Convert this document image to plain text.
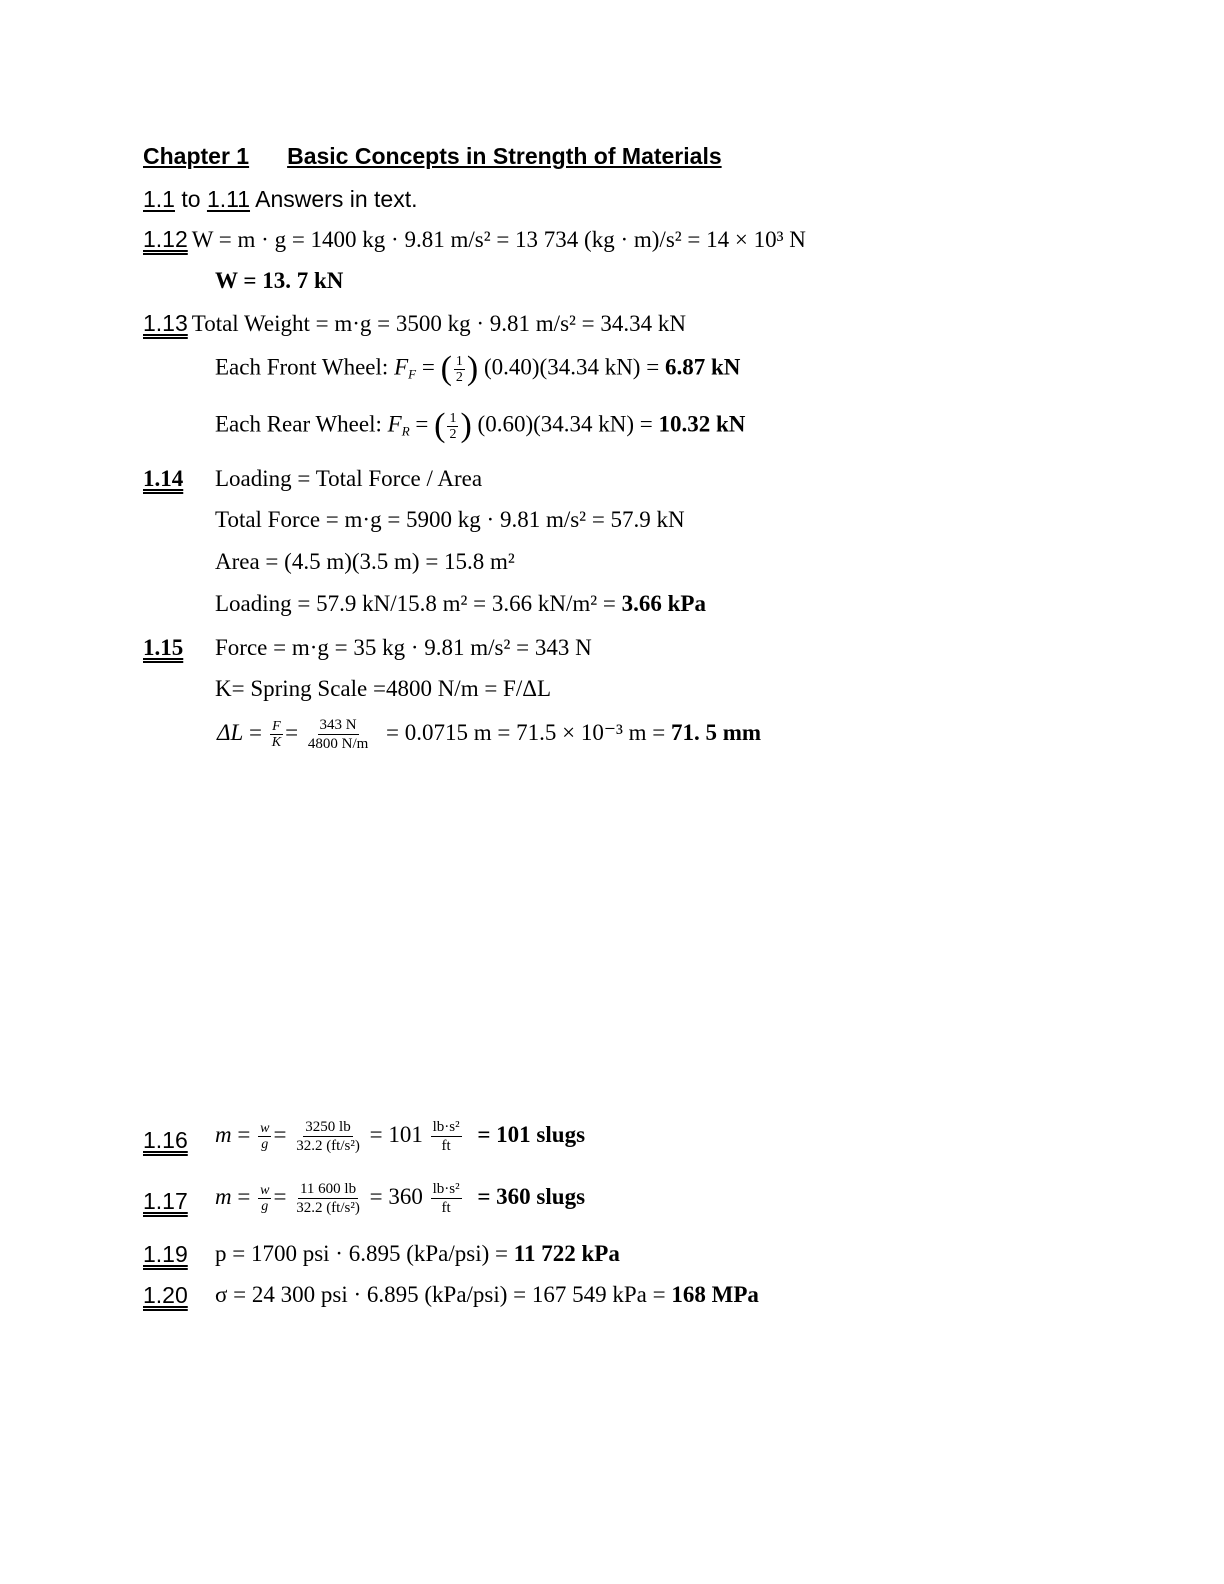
Chapter 1 Basic Concepts in Strength of Materials
1.1 to 1.11 Answers in text.
1.12 W = m · g = 1400 kg · 9.81 m/s² = 13 734 (kg · m)/s² = 14 × 10³ N
W = 13. 7 kN
1.13 Total Weight = m·g = 3500 kg · 9.81 m/s² = 34.34 kN
Each Front Wheel: $F_F$ = ( $\frac{1}{2}$ ) (0.40)(34.34 kN) = 6.87 kN
Each Rear Wheel: $F_R$ = ( $\frac{1}{2}$ ) (0.60)(34.34 kN) = 10.32 kN
1.14 Loading = Total Force / Area
Total Force = m·g = 5900 kg · 9.81 m/s² = 57.9 kN
Area = (4.5 m)(3.5 m) = 15.8 m²
Loading = 57.9 kN/15.8 m² = 3.66 kN/m² = 3.66 kPa
1.15 Force = m·g = 35 kg · 9.81 m/s² = 343 N
K= Spring Scale =4800 N/m = F/ΔL
$\Delta L = \frac{F}{K} = \frac{343 N}{4800 N/m} = 0.0715$ m = 71.5 × 10⁻³ m = 71. 5 mm
1.16 $m = \frac{w}{g} = \frac{3250 lb}{\text{32.2 (ft/s²)}} = 101 \frac{\text{lb·s²}}{ft} = 101$ slugs
1.17 $m = \frac{w}{g} = \frac{11 600 lb}{\text{32.2 (ft/s²)}} = 360 \frac{\text{lb·s²}}{ft} = 360$ slugs
1.19 p = 1700 psi · 6.895 (kPa/psi) = 11 722 kPa
1.20 σ = 24 300 psi · 6.895 (kPa/psi) = 167 549 kPa = 168 MPa
